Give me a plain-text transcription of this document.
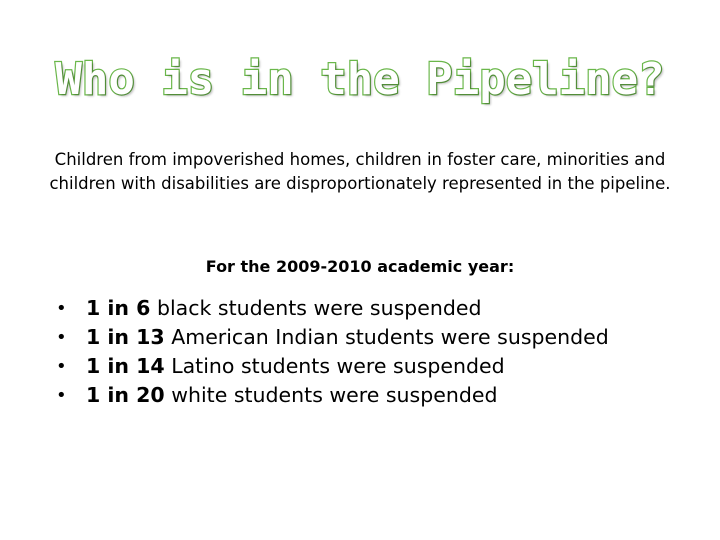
Who is in the Pipeline?
Children from impoverished homes, children in foster care, minorities and children with disabilities are disproportionately represented in the pipeline.
For the 2009-2010 academic year:
• 1 in 6 black students were suspended
• 1 in 13 American Indian students were suspended
• 1 in 14 Latino students were suspended
• 1 in 20 white students were suspended
